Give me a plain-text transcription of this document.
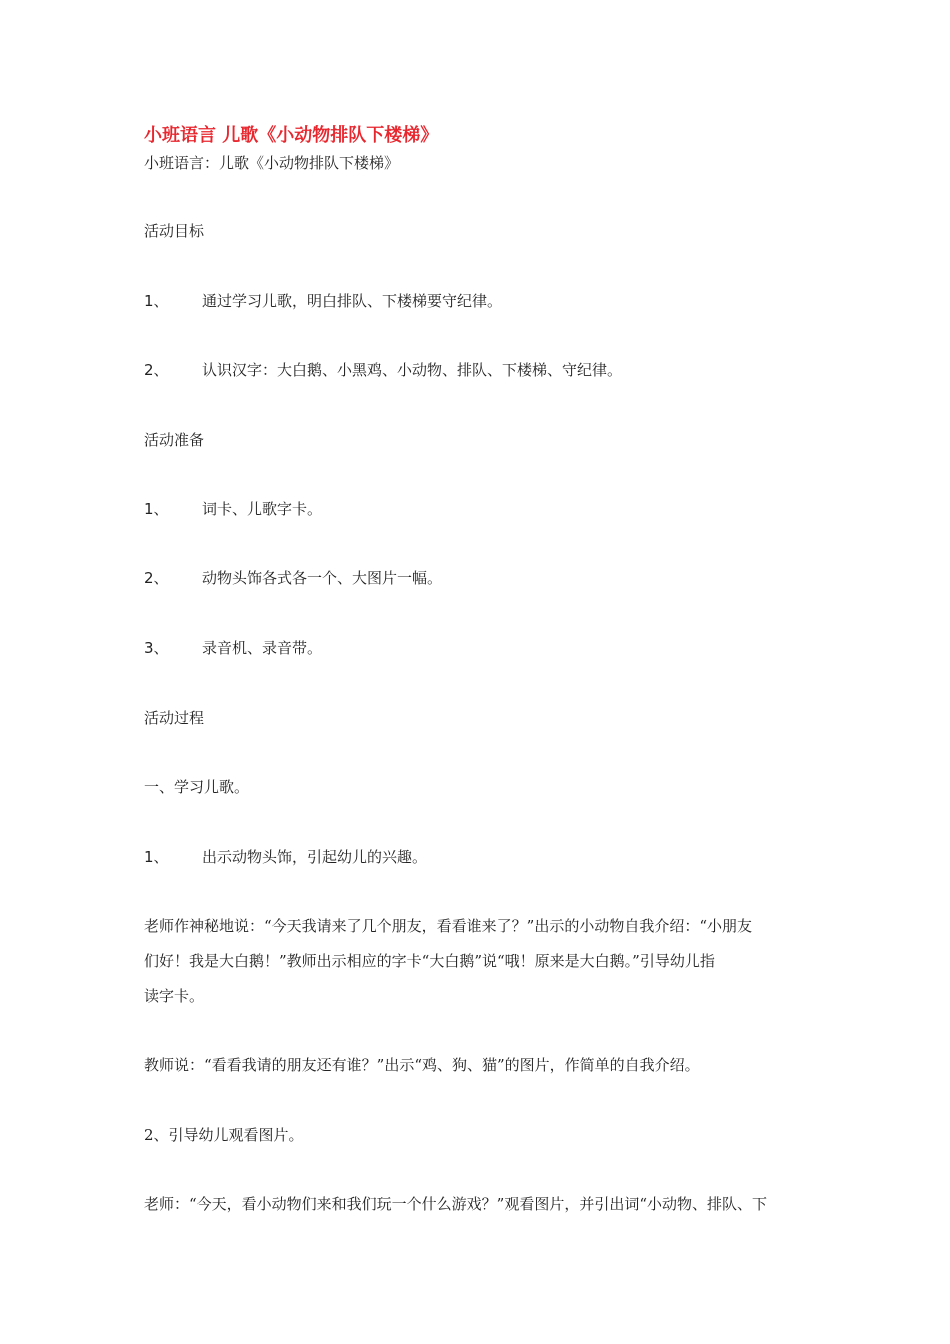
小班语言 儿歌《小动物排队下楼梯》
小班语言：儿歌《小动物排队下楼梯》
活动目标
1、 通过学习儿歌，明白排队、下楼梯要守纪律。
2、 认识汉字：大白鹅、小黑鸡、小动物、排队、下楼梯、守纪律。
活动准备
1、 词卡、儿歌字卡。
2、 动物头饰各式各一个、大图片一幅。
3、 录音机、录音带。
活动过程
一、学习儿歌。
1、 出示动物头饰，引起幼儿的兴趣。
老师作神秘地说：“今天我请来了几个朋友，看看谁来了？”出示的小动物自我介绍：“小朋友
们好！我是大白鹅！”教师出示相应的字卡“大白鹅”说“哦！原来是大白鹅。”引导幼儿指
读字卡。
教师说：“看看我请的朋友还有谁？”出示“鸡、狗、猫”的图片，作简单的自我介绍。
2、引导幼儿观看图片。
老师：“今天，看小动物们来和我们玩一个什么游戏？”观看图片，并引出词“小动物、排队、下
